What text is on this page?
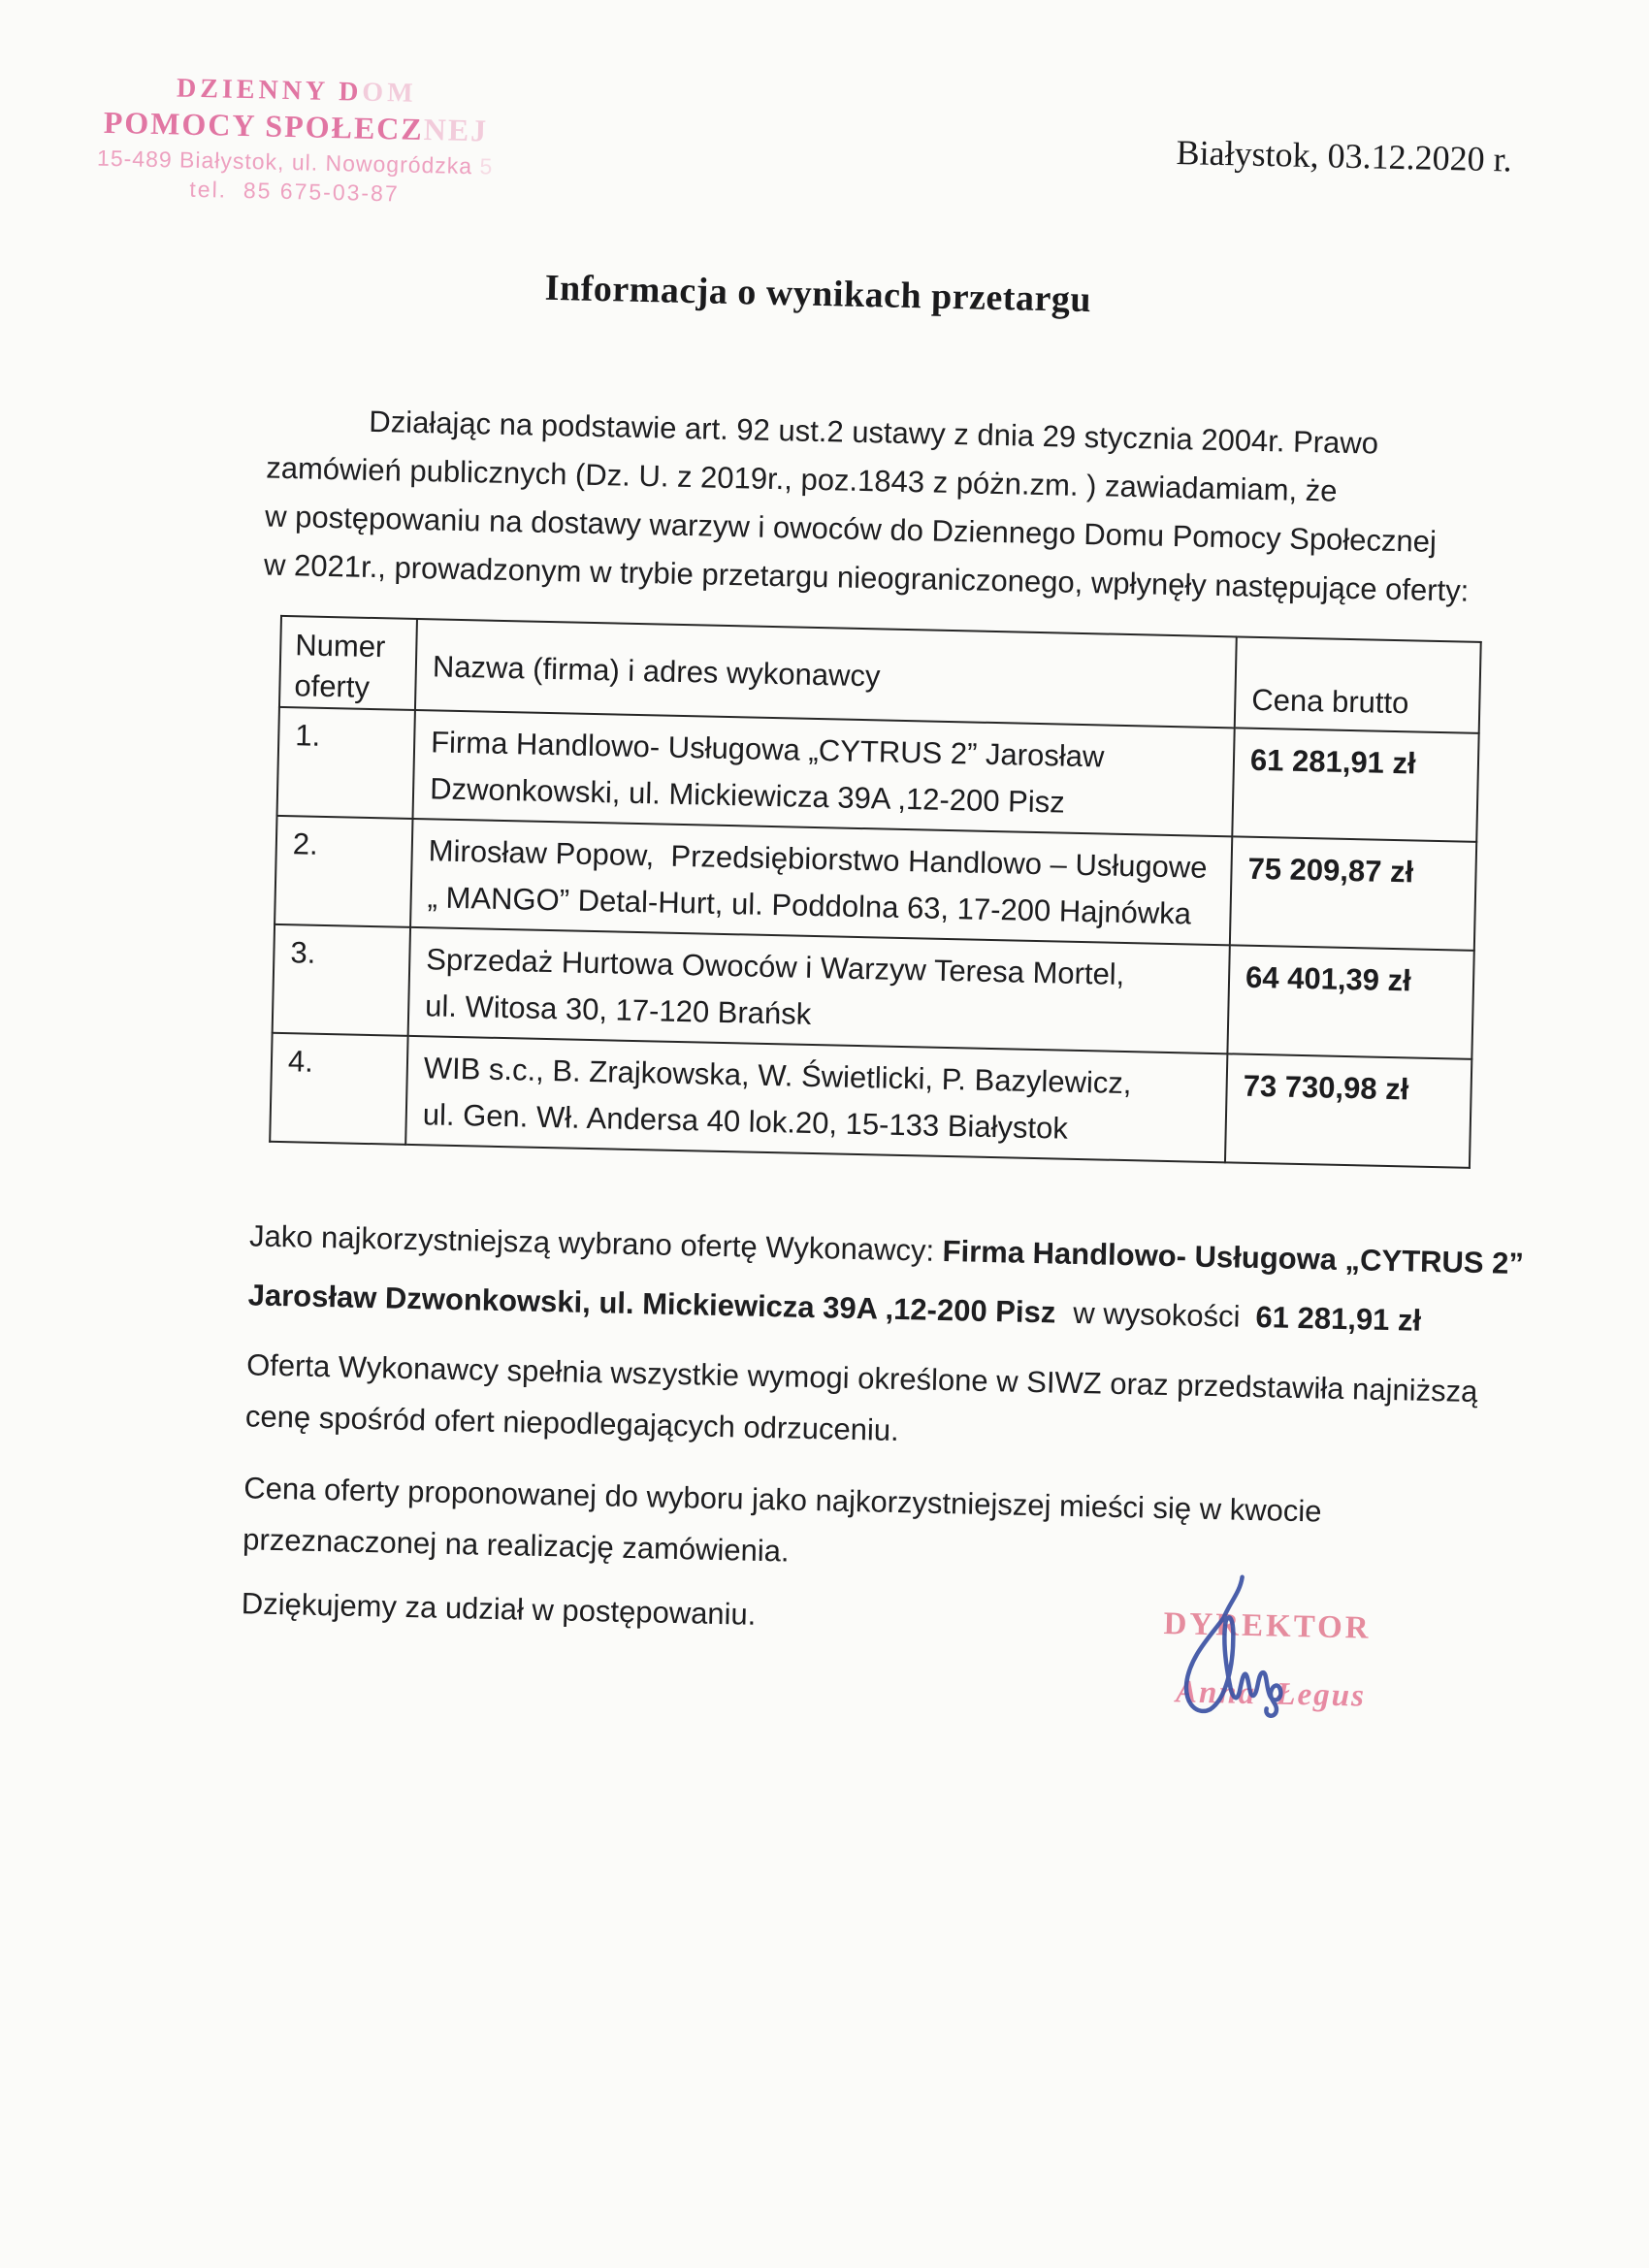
DZIENNY DOM
POMOCY SPOŁECZNEJ
15-489 Białystok, ul. Nowogródzka 5
tel.  85 675-03-87
Białystok, 03.12.2020 r.
Informacja o wynikach przetargu
Działając na podstawie art. 92 ust.2 ustawy z dnia 29 stycznia 2004r. Prawo
zamówień publicznych (Dz. U. z 2019r., poz.1843 z póżn.zm. ) zawiadamiam, że
w postępowaniu na dostawy warzyw i owoców do Dziennego Domu Pomocy Społecznej
w 2021r., prowadzonym w trybie przetargu nieograniczonego, wpłynęły następujące oferty:
Numer oferty	Nazwa (firma) i adres wykonawcy	Cena brutto
1.	Firma Handlowo- Usługowa „CYTRUS 2” Jarosław
Dzwonkowski, ul. Mickiewicza 39A ,12-200 Pisz	61 281,91 zł
2.	Mirosław Popow,  Przedsiębiorstwo Handlowo – Usługowe
„ MANGO” Detal-Hurt, ul. Poddolna 63, 17-200 Hajnówka	75 209,87 zł
3.	Sprzedaż Hurtowa Owoców i Warzyw Teresa Mortel,
ul. Witosa 30, 17-120 Brańsk	64 401,39 zł
4.	WIB s.c., B. Zrajkowska, W. Świetlicki, P. Bazylewicz,
ul. Gen. Wł. Andersa 40 lok.20, 15-133 Białystok	73 730,98 zł
Jako najkorzystniejszą wybrano ofertę Wykonawcy: Firma Handlowo- Usługowa „CYTRUS 2”
Jarosław Dzwonkowski, ul. Mickiewicza 39A ,12-200 Pisz w wysokości 61 281,91 zł
Oferta Wykonawcy spełnia wszystkie wymogi określone w SIWZ oraz przedstawiła najniższą
cenę spośród ofert niepodlegających odrzuceniu.
Cena oferty proponowanej do wyboru jako najkorzystniejszej mieści się w kwocie
przeznaczonej na realizację zamówienia.
Dziękujemy za udział w postępowaniu.	DYREKTOR
Anna Łegus
